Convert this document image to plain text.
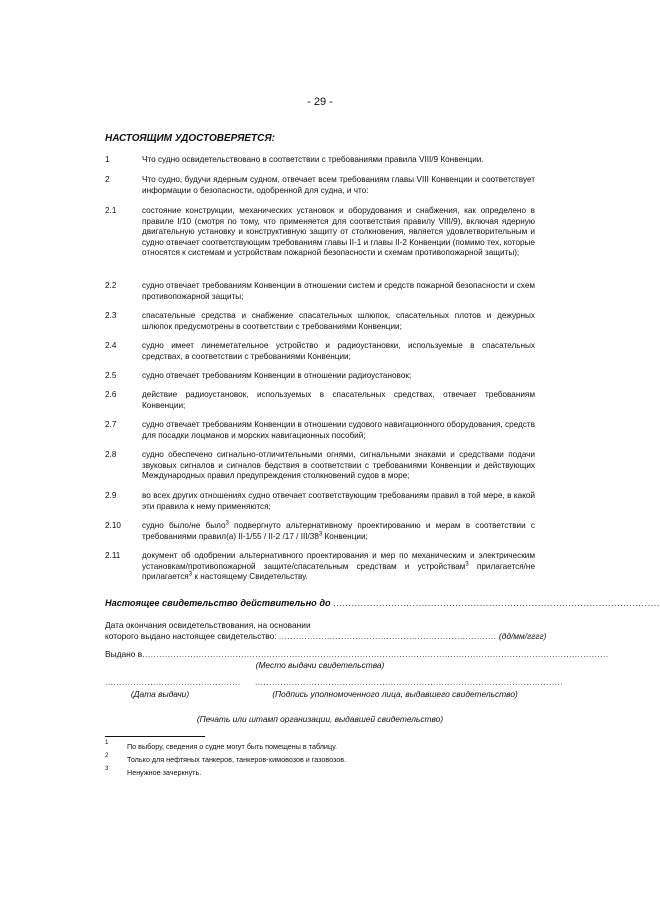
- 29 -
НАСТОЯЩИМ УДОСТОВЕРЯЕТСЯ:
1	Что судно освидетельствовано в соответствии с требованиями правила VIII/9 Конвенции.
2	Что судно, будучи ядерным судном, отвечает всем требованиям главы VIII Конвенции и соответствует информации о безопасности, одобренной для судна, и что:
2.1	состояние конструкции, механических установок и оборудования и снабжения, как определено в правиле I/10 (смотря по тому, что применяется для соответствия правилу VIII/9), включая ядерную двигательную установку и конструктивную защиту от столкновения, является удовлетворительным и судно отвечает соответствующим требованиям главы II-1 и главы II-2 Конвенции (помимо тех, которые относятся к системам и устройствам пожарной безопасности и схемам противопожарной защиты);
2.2	судно отвечает требованиям Конвенции в отношении систем и средств пожарной безопасности и схем противопожарной защиты;
2.3	спасательные средства и снабжение спасательных шлюпок, спасательных плотов и дежурных шлюпок предусмотрены в соответствии с требованиями Конвенции;
2.4	судно имеет линеметательное устройство и радиоустановки, используемые в спасательных средствах, в соответствии с требованиями Конвенции;
2.5	судно отвечает требованиям Конвенции в отношении радиоустановок;
2.6	действие радиоустановок, используемых в спасательных средствах, отвечает требованиям Конвенции;
2.7	судно отвечает требованиям Конвенции в отношении судового навигационного оборудования, средств для посадки лоцманов и морских навигационных пособий;
2.8	судно обеспечено сигнально-отличительными огнями, сигнальными знаками и средствами подачи звуковых сигналов и сигналов бедствия в соответствии с требованиями Конвенции и действующих Международных правил предупреждения столкновений судов в море;
2.9	во всех других отношениях судно отвечает соответствующим требованиям правил в той мере, в какой эти правила к нему применяются;
2.10	судно было/не было$^3$ подвергнуто альтернативному проектированию и мерам в соответствии с требованиями правил(а) II-1/55 / II-2 /17 / III/$38^3$ Конвенции;
2.11	документ об одобрении альтернативного проектирования и мер по механическим и электрическим установкам/противопожарной защите/спасательным средствам и устройствам$^3$ прилагается/не прилагается$^3$ к настоящему Свидетельству.
Настоящее свидетельство действительно до ...........................................................................................................
Дата окончания освидетельствования, на основании
которого выдано настоящее свидетельство: ............................................................................. (дд/мм/гггг)
Выдано в.....................................................................................................................................................................
(Место выдачи свидетельства)
................................................ .............................................................................................................
(Дата выдачи)	(Подпись уполномоченного лица, выдавшего свидетельство)
(Печать или штамп организации, выдавшей свидетельство)
1	По выбору, сведения о судне могут быть помещены в таблицу.
2	Только для нефтяных танкеров, танкеров-химовозов и газовозов.
3	Ненужное зачеркнуть.
